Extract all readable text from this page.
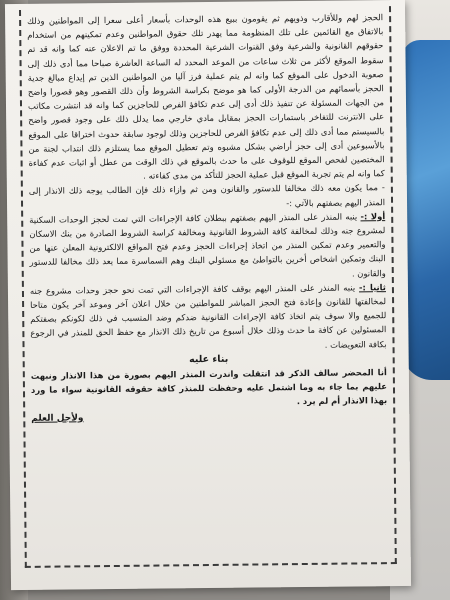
الحجز لهم وللأقارب وذويهم ثم يقومون ببيع هذه الوحدات بأسعار أعلى سعرا إلى المواطنين وذلك بالاتفاق مع القائمين على تلك المنظومة مما يهدر تلك حقوق المواطنين وعدم تمكينهم من استخدام حقوقهم القانونية والشرعية وفق القنوات الشرعية المحددة ووفق ما تم الاعلان عنه كما وانه قد تم سقوط الموقع لأكثر من ثلاث ساعات من الموعد المحدد له الساعة العاشرة صباحا مما أدى ذلك إلى صعوبة الدخول على الموقع كما وانه لم يتم عملية فرز آليا من المواطنين الذين تم إيداع مبالغ جدية الحجز بأسمائهم من الدرجة الأولى كما هو موضح بكراسة الشروط وأن ذلك القصور وهو قصورا واضح من الجهات المسئولة عن تنفيذ ذلك أدى إلى عدم تكافؤ الفرص للحاجزين كما وانه قد انتشرت مكاتب على الانترنت للتفاخر باستمارات الحجز بمقابل مادي خارجي مما يدلل ذلك على وجود قصور واضح بالسيستم مما أدى ذلك إلى عدم تكافؤ الفرص للحاجزين وذلك لوجود سابقة حدوث اختراقا على الموقع بالأسبوعين أدى إلى حجز أراضي بشكل مشبوه وتم تعطيل الموقع مما يستلزم ذلك انتداب لجنة من المختصين لفحص الموقع للوقوف على ما حدث بالموقع في ذلك الوقت من عطل أو اثبات عدم كفاءة كما وانه لم يتم تجربة الموقع قبل عملية الحجز للتأكد من مدى كفاءته .

- مما يكون معه ذلك مخالفا للدستور والقانون ومن ثم وازاء ذلك فإن الطالب يوجه ذلك الانذار إلى المنذر اليهم بصفتهم بالآتي :-

أولا :- ينبه المنذر على المنذر اليهم بصفتهم ببطلان كافة الإجراءات التي تمت لحجز الوحدات السكنية لمشروع جنه وذلك لمخالفة كافة الشروط القانونية ومخالفة كراسة الشروط الصادرة من بنك الاسكان والتعمير وعدم تمكين المنذر من اتخاذ إجراءات الحجز وعدم فتح المواقع الالكترونية المعلن عنها من البنك وتمكين اشخاص أخرين بالتواطئ مع مسئولي البنك وهم السماسرة مما يعد ذلك مخالفا للدستور والقانون .

ثانيا :- ينبه المنذر على المنذر اليهم بوقف كافة الإجراءات التي تمت نحو حجز وحدات مشروع جنه لمخالفتها للقانون وإعادة فتح الحجز المباشر للمواطنين من خلال اعلان آخر وموعد آخر يكون متاحا للجميع والا سوف يتم اتخاذ كافة الإجراءات القانونية ضدكم وضد المتسبب في ذلك لكونكم بصفتكم المسئولين عن كافة ما حدث وذلك خلال أسبوع من تاريخ ذلك الانذار مع حفظ الحق للمنذر في الرجوع بكافة التعويضات .

بناء عليه

أنا المحضر سالف الذكر قد انتقلت واندرت المنذر اليهم بصورة من هذا الانذار ونبهت عليهم بما جاء به وما اشتمل عليه وحفظت للمنذر كافة حقوقه القانونية سواء ما ورد بهذا الانذار أم لم يرد .

ولأجل العلم
